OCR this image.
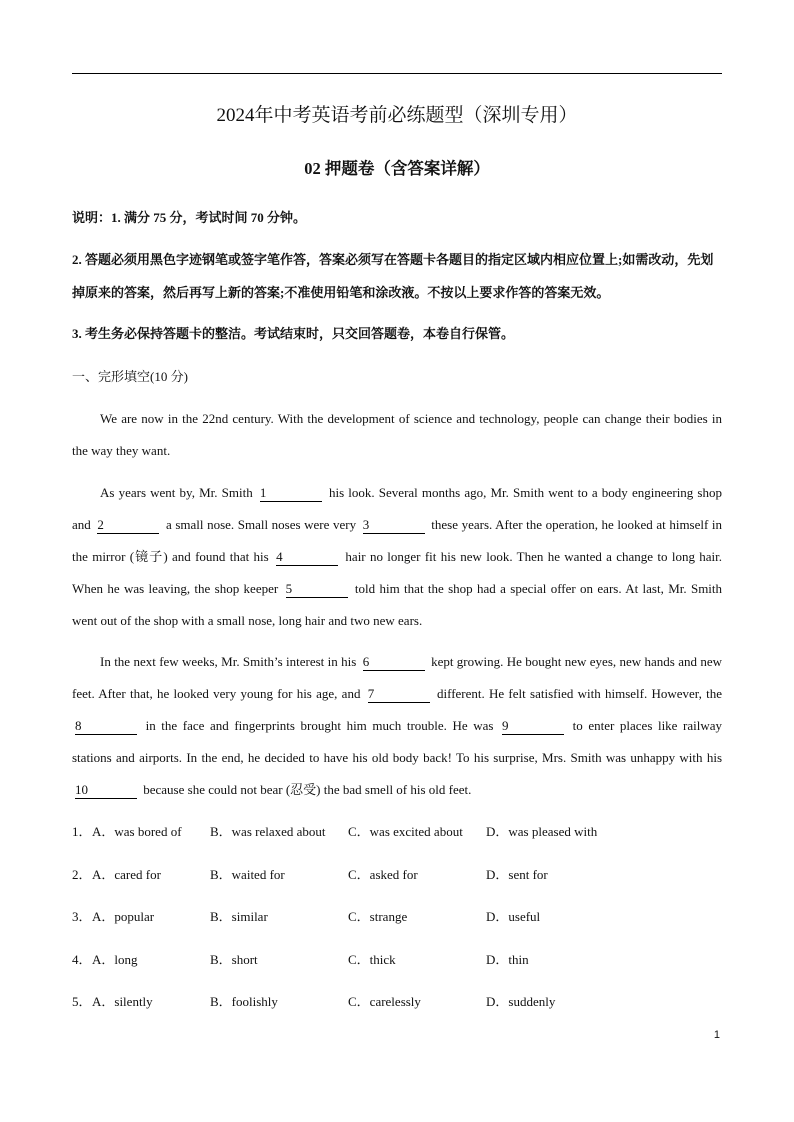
2024年中考英语考前必练题型（深圳专用）
02 押题卷（含答案详解）

说明：1. 满分 75 分，考试时间 70 分钟。

2. 答题必须用黑色字迹钢笔或签字笔作答，答案必须写在答题卡各题目的指定区域内相应位置上;如需改动，先划掉原来的答案，然后再写上新的答案;不准使用铅笔和涂改液。不按以上要求作答的答案无效。

3. 考生务必保持答题卡的整洁。考试结束时，只交回答题卷，本卷自行保管。

一、完形填空(10 分)

We are now in the 22nd century. With the development of science and technology, people can change their bodies in the way they want.

As years went by, Mr. Smith 1	his look. Several months ago, Mr. Smith went to a body engineering shop and 2	a small nose. Small noses were very 3	these years. After the operation, he looked at himself in the mirror (镜子) and found that his 4	hair no longer fit his new look. Then he wanted a change to long hair. When he was leaving, the shop keeper 5	told him that the shop had a special offer on ears. At last, Mr. Smith went out of the shop with a small nose, long hair and two new ears.

In the next few weeks, Mr. Smith’s interest in his 6	kept growing. He bought new eyes, new hands and new feet. After that, he looked very young for his age, and 7	different. He felt satisfied with himself. However, the 8	in the face and fingerprints brought him much trouble. He was 9	to enter places like railway stations and airports. In the end, he decided to have his old body back! To his surprise, Mrs. Smith was unhappy with his 10	because she could not bear (忍受) the bad smell of his old feet.

1． A．was bored of B．was relaxed about C．was excited about D．was pleased with
2． A．cared for	B．waited for	C．asked for	D．sent for
3． A．popular	B．similar	C．strange	D．useful
4． A．long	B．short	C．thick	D．thin
5． A．silently	B．foolishly	C．carelessly	D．suddenly
1
